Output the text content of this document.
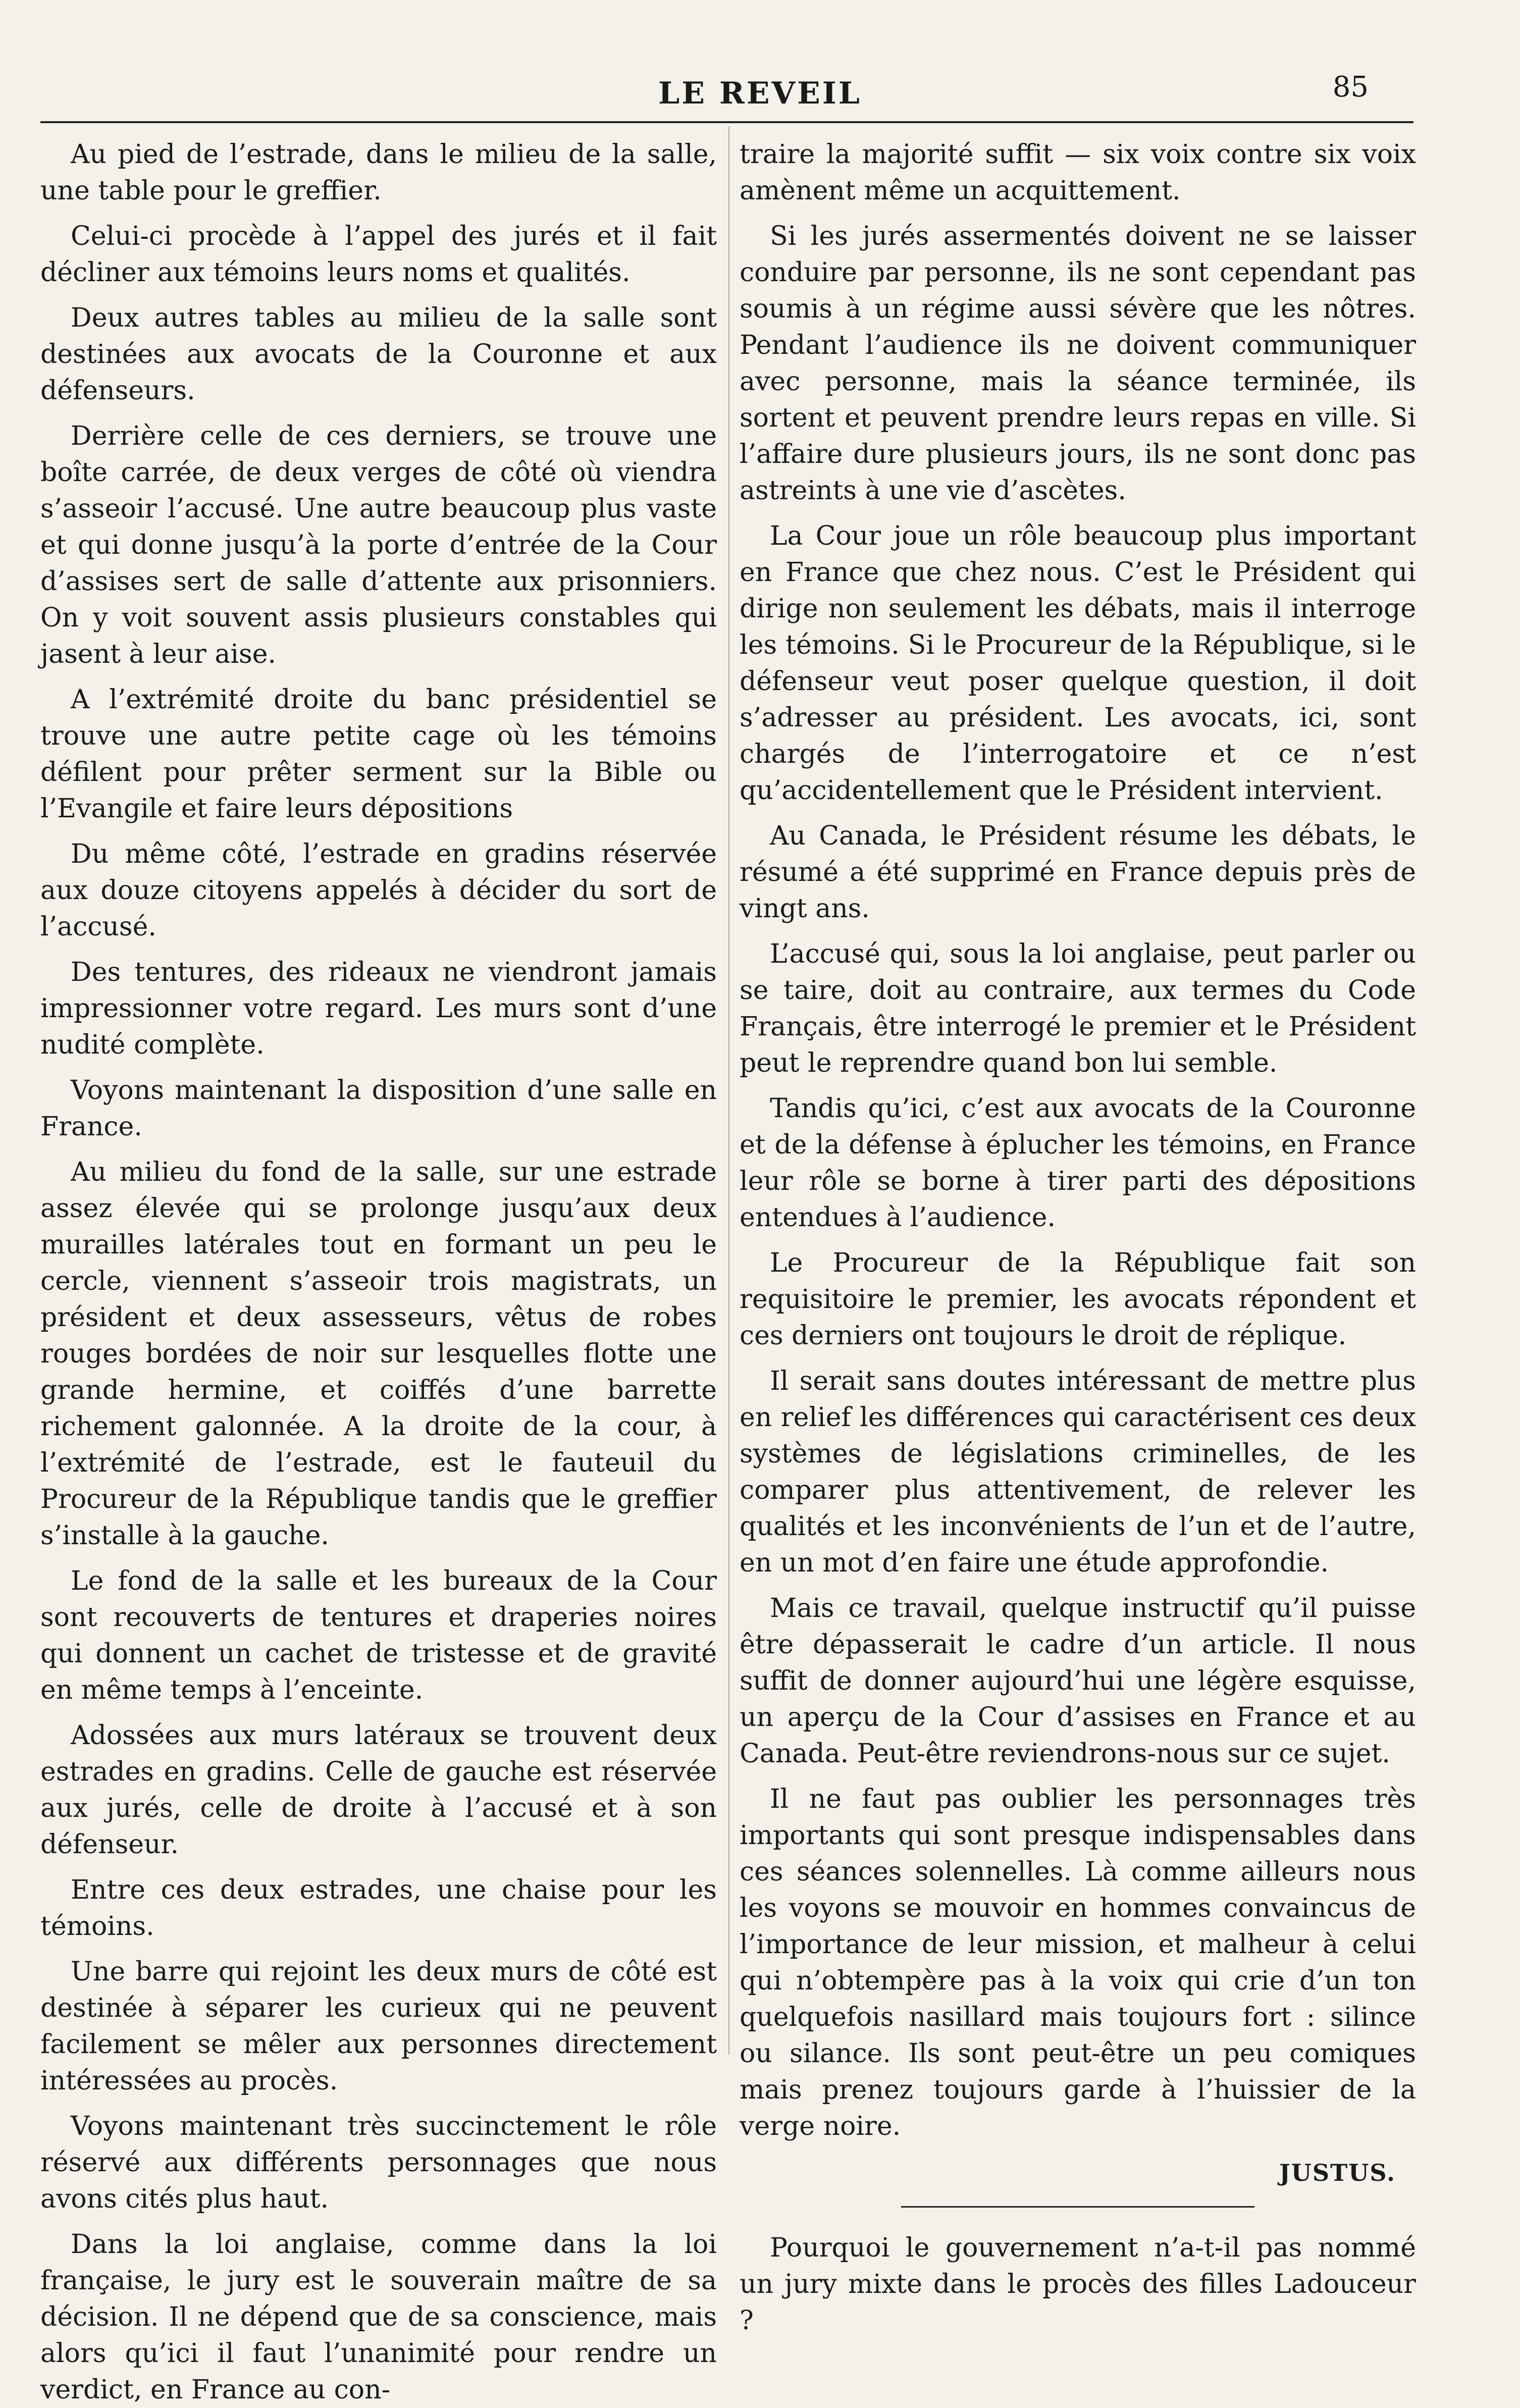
LE REVEIL	85

Au pied de l’estrade, dans le milieu de la salle, une table pour le greffier.

Celui-ci procède à l’appel des jurés et il fait décliner aux témoins leurs noms et qualités.

Deux autres tables au milieu de la salle sont destinées aux avocats de la Couronne et aux défenseurs.

Derrière celle de ces derniers, se trouve une boîte carrée, de deux verges de côté où viendra s’asseoir l’accusé. Une autre beaucoup plus vaste et qui donne jusqu’à la porte d’entrée de la Cour d’assises sert de salle d’attente aux prisonniers. On y voit souvent assis plusieurs constables qui jasent à leur aise.

A l’extrémité droite du banc présidentiel se trouve une autre petite cage où les témoins défilent pour prêter serment sur la Bible ou l’Evangile et faire leurs dépositions

Du même côté, l’estrade en gradins réservée aux douze citoyens appelés à décider du sort de l’accusé.

Des tentures, des rideaux ne viendront jamais impressionner votre regard. Les murs sont d’une nudité complète.

Voyons maintenant la disposition d’une salle en France.

Au milieu du fond de la salle, sur une estrade assez élevée qui se prolonge jusqu’aux deux murailles latérales tout en formant un peu le cercle, viennent s’asseoir trois magistrats, un président et deux assesseurs, vêtus de robes rouges bordées de noir sur lesquelles flotte une grande hermine, et coiffés d’une barrette richement galonnée. A la droite de la cour, à l’extrémité de l’estrade, est le fauteuil du Procureur de la République tandis que le greffier s’installe à la gauche.

Le fond de la salle et les bureaux de la Cour sont recouverts de tentures et draperies noires qui donnent un cachet de tristesse et de gravité en même temps à l’enceinte.

Adossées aux murs latéraux se trouvent deux estrades en gradins. Celle de gauche est réservée aux jurés, celle de droite à l’accusé et à son défenseur.

Entre ces deux estrades, une chaise pour les témoins.

Une barre qui rejoint les deux murs de côté est destinée à séparer les curieux qui ne peuvent facilement se mêler aux personnes directement intéressées au procès.

Voyons maintenant très succinctement le rôle réservé aux différents personnages que nous avons cités plus haut.

Dans la loi anglaise, comme dans la loi française, le jury est le souverain maître de sa décision. Il ne dépend que de sa conscience, mais alors qu’ici il faut l’unanimité pour rendre un verdict, en France au con-

traire la majorité suffit — six voix contre six voix amènent même un acquittement.

Si les jurés assermentés doivent ne se laisser conduire par personne, ils ne sont cependant pas soumis à un régime aussi sévère que les nôtres. Pendant l’audience ils ne doivent communiquer avec personne, mais la séance terminée, ils sortent et peuvent prendre leurs repas en ville. Si l’affaire dure plusieurs jours, ils ne sont donc pas astreints à une vie d’ascètes.

La Cour joue un rôle beaucoup plus important en France que chez nous. C’est le Président qui dirige non seulement les débats, mais il interroge les témoins. Si le Procureur de la République, si le défenseur veut poser quelque question, il doit s’adresser au président. Les avocats, ici, sont chargés de l’interrogatoire et ce n’est qu’accidentellement que le Président intervient.

Au Canada, le Président résume les débats, le résumé a été supprimé en France depuis près de vingt ans.

L’accusé qui, sous la loi anglaise, peut parler ou se taire, doit au contraire, aux termes du Code Français, être interrogé le premier et le Président peut le reprendre quand bon lui semble.

Tandis qu’ici, c’est aux avocats de la Couronne et de la défense à éplucher les témoins, en France leur rôle se borne à tirer parti des dépositions entendues à l’audience.

Le Procureur de la République fait son requisitoire le premier, les avocats répondent et ces derniers ont toujours le droit de réplique.

Il serait sans doutes intéressant de mettre plus en relief les différences qui caractérisent ces deux systèmes de législations criminelles, de les comparer plus attentivement, de relever les qualités et les inconvénients de l’un et de l’autre, en un mot d’en faire une étude approfondie.

Mais ce travail, quelque instructif qu’il puisse être dépasserait le cadre d’un article. Il nous suffit de donner aujourd’hui une légère esquisse, un aperçu de la Cour d’assises en France et au Canada. Peut-être reviendrons-nous sur ce sujet.

Il ne faut pas oublier les personnages très importants qui sont presque indispensables dans ces séances solennelles. Là comme ailleurs nous les voyons se mouvoir en hommes convaincus de l’importance de leur mission, et malheur à celui qui n’obtempère pas à la voix qui crie d’un ton quelquefois nasillard mais toujours fort : silince ou silance. Ils sont peut-être un peu comiques mais prenez toujours garde à l’huissier de la verge noire.

JUSTUS.

Pourquoi le gouvernement n’a-t-il pas nommé un jury mixte dans le procès des filles Ladouceur ?
